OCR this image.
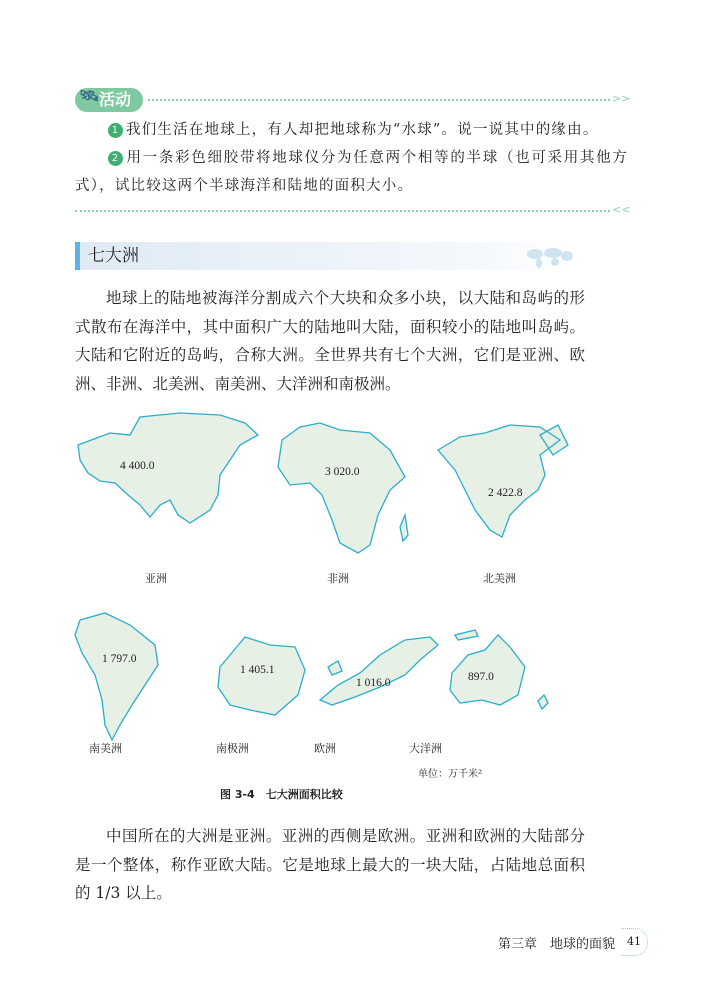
🛰 活动	>>
1 我们生活在地球上，有人却把地球称为“水球”。说一说其中的缘由。
2 用一条彩色细胶带将地球仪分为任意两个相等的半球（也可采用其他方式），试比较这两个半球海洋和陆地的面积大小。
<<
七大洲
地球上的陆地被海洋分割成六个大块和众多小块，以大陆和岛屿的形式散布在海洋中，其中面积广大的陆地叫大陆，面积较小的陆地叫岛屿。大陆和它附近的岛屿，合称大洲。全世界共有七个大洲，它们是亚洲、欧洲、非洲、北美洲、南美洲、大洋洲和南极洲。
4 400.0	3 020.0
2 422.8
1 797.0
1 405.1
1 016.0	897.0
亚洲	非洲	北美洲
南美洲	南极洲	欧洲	大洋洲
单位：万千米²
图 3-4　七大洲面积比较
中国所在的大洲是亚洲。亚洲的西侧是欧洲。亚洲和欧洲的大陆部分是一个整体，称作亚欧大陆。它是地球上最大的一块大陆，占陆地总面积的 1/3 以上。
第三章　地球的面貌	41
